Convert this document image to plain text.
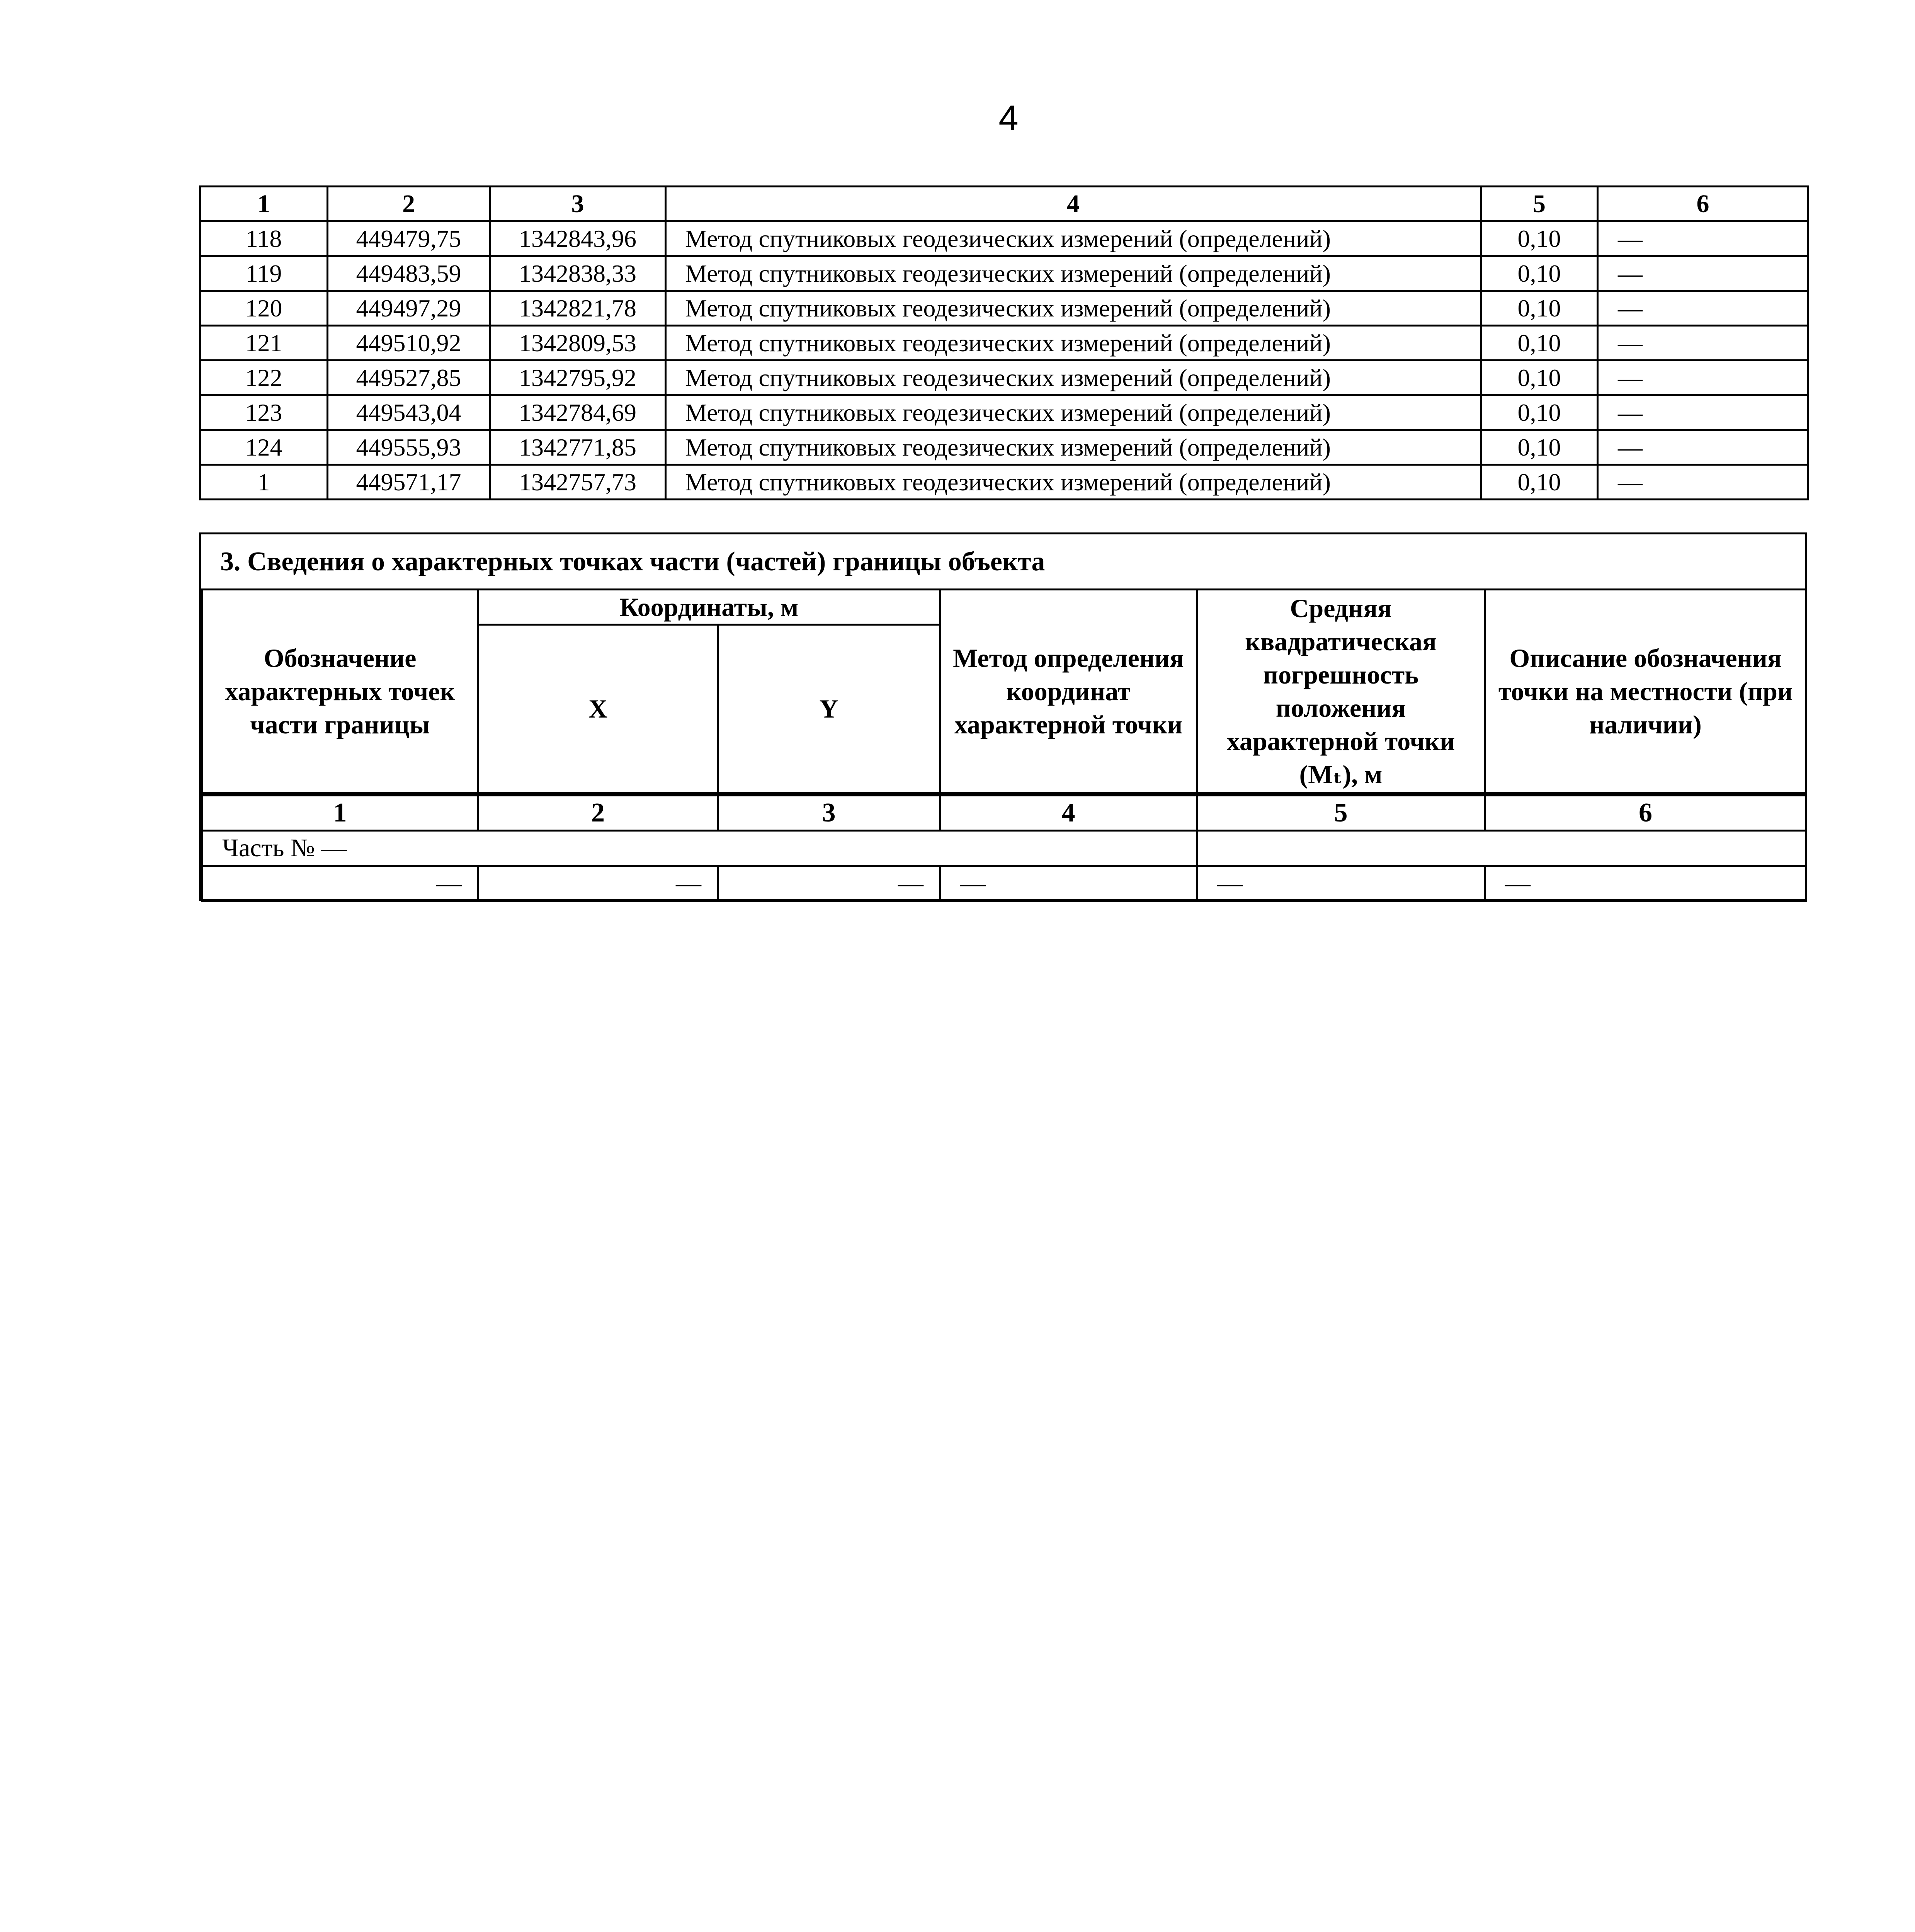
4
1	2	3	4	5	6
118	449479,75	1342843,96	Метод спутниковых геодезических измерений (определений)	0,10	—
119	449483,59	1342838,33	Метод спутниковых геодезических измерений (определений)	0,10	—
120	449497,29	1342821,78	Метод спутниковых геодезических измерений (определений)	0,10	—
121	449510,92	1342809,53	Метод спутниковых геодезических измерений (определений)	0,10	—
122	449527,85	1342795,92	Метод спутниковых геодезических измерений (определений)	0,10	—
123	449543,04	1342784,69	Метод спутниковых геодезических измерений (определений)	0,10	—
124	449555,93	1342771,85	Метод спутниковых геодезических измерений (определений)	0,10	—
1	449571,17	1342757,73	Метод спутниковых геодезических измерений (определений)	0,10	—
3. Сведения о характерных точках части (частей) границы объекта
Обозначение характерных точек части границы	Координаты, м		Метод определения координат характерной точки	Средняя квадратическая погрешность положения характерной точки (Mₜ), м	Описание обозначения точки на местности (при наличии)
	X	Y			
1	2	3	4	5	6
Часть № —					
—	—	—	—	—	—
